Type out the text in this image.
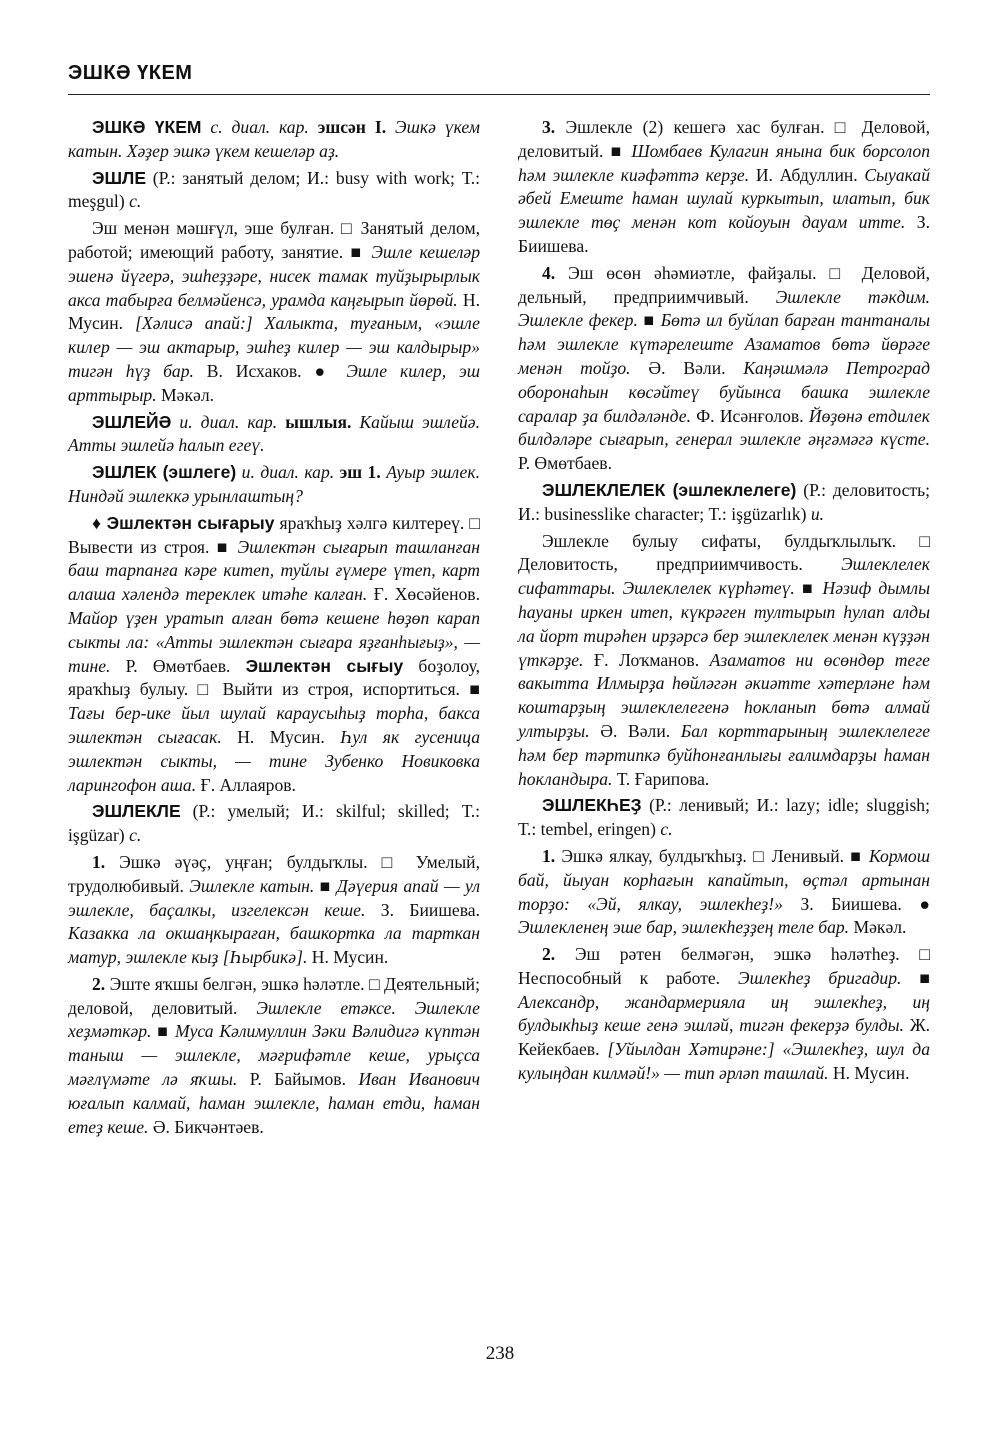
ЭШКӘ ҮКЕМ

ЭШКӘ ҮКЕМ с. диал. кар. эшсән I. Эшкә үкем катын. Хәҙер эшкә үкем кешеләр аҙ.

ЭШЛЕ (Р.: занятый делом; И.: busy with work; Т.: meşgul) с.

Эш менән мәшғүл, эше булған. □ Занятый делом, работой; имеющий работу, занятие. ■ Эшле кешеләр эшенә йүгерә, эшһеҙҙәре, нисек тамак туйҙырырлык акса табырға белмәйенсә, урамда каңғырып йөрөй. Н. Мусин. [Хәлисә апай:] Халыкта, туғаным, «эшле килер — эш актарыр, эшһеҙ килер — эш калдырыр» тигән һүҙ бар. В. Исхаков. ● Эшле килер, эш арттырыр. Мәкәл.

ЭШЛЕЙӘ и. диал. кар. ышлыя. Кайыш эшлейә. Атты эшлейә һалып егеү.

ЭШЛЕК (эшлеге) и. диал. кар. эш 1. Ауыр эшлек. Ниндәй эшлеккә урынлаштың?

♦ Эшлектән сығарыу яраҡһыҙ хәлгә килтереү. □ Вывести из строя. ■ Эшлектән сығарып ташланған баш тарпанға кәре китеп, туйлы ғүмере үтеп, карт алаша хәлендә тереклек итәһе калған. Ғ. Хөсәйенов. Майор үҙен уратып алған бөтә кешене һөҙөп карап сыкты ла: «Атты эшлектән сығара яҙғанһығыҙ», — тине. Р. Өмөтбаев. Эшлектән сығыу боҙолоу, яраҡһыҙ булыу. □ Выйти из строя, испортиться. ■ Тағы бер-ике йыл шулай караусыһыҙ торһа, бакса эшлектән сығасак. Н. Мусин. Һул як гусеница эшлектән сыкты, — тине Зубенко Новиковка ларингофон аша. Ғ. Аллаяров.

ЭШЛЕКЛЕ (Р.: умелый; И.: skilful; skilled; Т.: işgüzar) с.

1. Эшкә әүәҫ, уңған; булдыҡлы. □ Умелый, трудолюбивый. Эшлекле катын. ■ Дәүерия апай — ул эшлекле, баҫалкы, изгелексән кеше. З. Биишева. Казакка ла окшаңкыраған, башкортка ла тарткан матур, эшлекле кыҙ [Һырбикә]. Н. Мусин.

2. Эште яҡшы белгән, эшкә һәләтле. □ Деятельный; деловой, деловитый. Эшлекле етәксе. Эшлекле хеҙмәткәр. ■ Муса Кәлимуллин Зәки Вәлидигә күптән таныш — эшлекле, мәғрифәтле кеше, урыҫса мәғлүмәте лә яҡшы. Р. Байымов. Иван Иванович юғалып калмай, һаман эшлекле, һаман етди, һаман етеҙ кеше. Ә. Бикчәнтәев.

3. Эшлекле (2) кешегә хас булған. □ Деловой, деловитый. ■ Шомбаев Кулагин янына бик борсолоп һәм эшлекле киәфәттә керҙе. И. Абдуллин. Сыуакай әбей Емеште һаман шулай куркытып, илатып, бик эшлекле төҫ менән кот койоуын дауам итте. З. Биишева.

4. Эш өсөн әһәмиәтле, файҙалы. □ Деловой, дельный, предприимчивый. Эшлекле тәкдим. Эшлекле фекер. ■ Бөтә ил буйлап барған тантаналы һәм эшлекле күтәрелеште Азаматов бөтә йөрәге менән тойҙо. Ә. Вәли. Каңәшмәлә Петроград оборонаһын көсәйтеү буйынса башка эшлекле саралар ҙа билдәләнде. Ф. Исәнғолов. Йөҙөнә етдилек билдәләре сығарып, генерал эшлекле әңгәмәгә күсте. Р. Өмөтбаев.

ЭШЛЕКЛЕЛЕК (эшлеклелеге) (Р.: деловитость; И.: businesslike character; Т.: işgüzarlık) и.

Эшлекле булыу сифаты, булдыҡлылыҡ. □ Деловитость, предприимчивость. Эшлеклелек сифаттары. Эшлеклелек күрһәтеү. ■ Нәзиф дымлы һауаны иркен итеп, күкрәген тултырып һулап алды ла йорт тирәһен ирҙәрсә бер эшлеклелек менән күҙҙән үткәрҙе. Ғ. Лоҡманов. Азаматов ни өсөндөр теге вакытта Илмырҙа һөйләгән әкиәтте хәтерләне һәм коштарҙың эшлеклелегенә һокланып бөтә алмай ултырҙы. Ә. Вәли. Бал корттарының эшлеклелеге һәм бер тәртипкә буйһонғанлығы ғалимдарҙы һаман һокландыра. Т. Ғарипова.

ЭШЛЕКҺЕҘ (Р.: ленивый; И.: lazy; idle; sluggish; Т.: tembel, eringen) с.

1. Эшкә ялкау, булдыҡһыҙ. □ Ленивый. ■ Кормош бай, йыуан корһағын капайтып, өҫтәл артынан торҙо: «Эй, ялкау, эшлекһеҙ!» З. Биишева. ● Эшлекленең эше бар, эшлекһеҙҙең теле бар. Мәкәл.

2. Эш рәтен белмәгән, эшкә һәләтһеҙ. □ Неспособный к работе. Эшлекһеҙ бригадир. ■ Александр, жандармерияла иң эшлекһеҙ, иң булдыкһыҙ кеше генә эшләй, тигән фекерҙә булды. Ж. Кейекбаев. [Уйылдан Хәтирәне:] «Эшлекһеҙ, шул да кулыңдан килмәй!» — тип әрләп ташлай. Н. Мусин.

238
